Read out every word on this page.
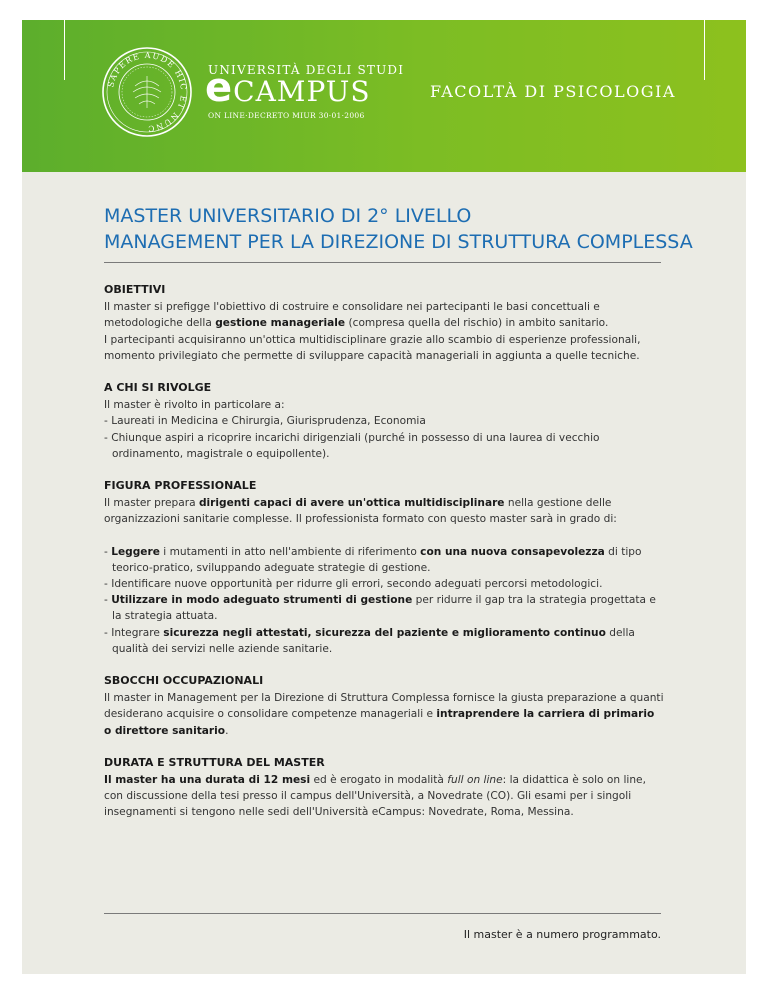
SAPERE AUDE HIC ET NUNC
UNIVERSITÀ DEGLI STUDI
eCAMPUS
ON LINE·DECRETO MIUR 30·01·2006
FACOLTÀ DI PSICOLOGIA
MASTER UNIVERSITARIO DI 2° LIVELLO
MANAGEMENT PER LA DIREZIONE DI STRUTTURA COMPLESSA
OBIETTIVI

Il master si prefigge l'obiettivo di costruire e consolidare nei partecipanti le basi concettuali e metodologiche della gestione manageriale (compresa quella del rischio) in ambito sanitario.

I partecipanti acquisiranno un'ottica multidisciplinare grazie allo scambio di esperienze professionali, momento privilegiato che permette di sviluppare capacità manageriali in aggiunta a quelle tecniche.

A CHI SI RIVOLGE

Il master è rivolto in particolare a:

- Laureati in Medicina e Chirurgia, Giurisprudenza, Economia

- Chiunque aspiri a ricoprire incarichi dirigenziali (purché in possesso di una laurea di vecchio ordinamento, magistrale o equipollente).

FIGURA PROFESSIONALE

Il master prepara dirigenti capaci di avere un'ottica multidisciplinare nella gestione delle organizzazioni sanitarie complesse. Il professionista formato con questo master sarà in grado di:

- Leggere i mutamenti in atto nell'ambiente di riferimento con una nuova consapevolezza di tipo teorico-pratico, sviluppando adeguate strategie di gestione.

- Identificare nuove opportunità per ridurre gli errori, secondo adeguati percorsi metodologici.

- Utilizzare in modo adeguato strumenti di gestione per ridurre il gap tra la strategia progettata e la strategia attuata.

- Integrare sicurezza negli attestati, sicurezza del paziente e miglioramento continuo della qualità dei servizi nelle aziende sanitarie.

SBOCCHI OCCUPAZIONALI

Il master in Management per la Direzione di Struttura Complessa fornisce la giusta preparazione a quanti desiderano acquisire o consolidare competenze manageriali e intraprendere la carriera di primario o direttore sanitario.

DURATA E STRUTTURA DEL MASTER

Il master ha una durata di 12 mesi ed è erogato in modalità full on line: la didattica è solo on line, con discussione della tesi presso il campus dell'Università, a Novedrate (CO). Gli esami per i singoli insegnamenti si tengono nelle sedi dell'Università eCampus: Novedrate, Roma, Messina.

Il master è a numero programmato.
